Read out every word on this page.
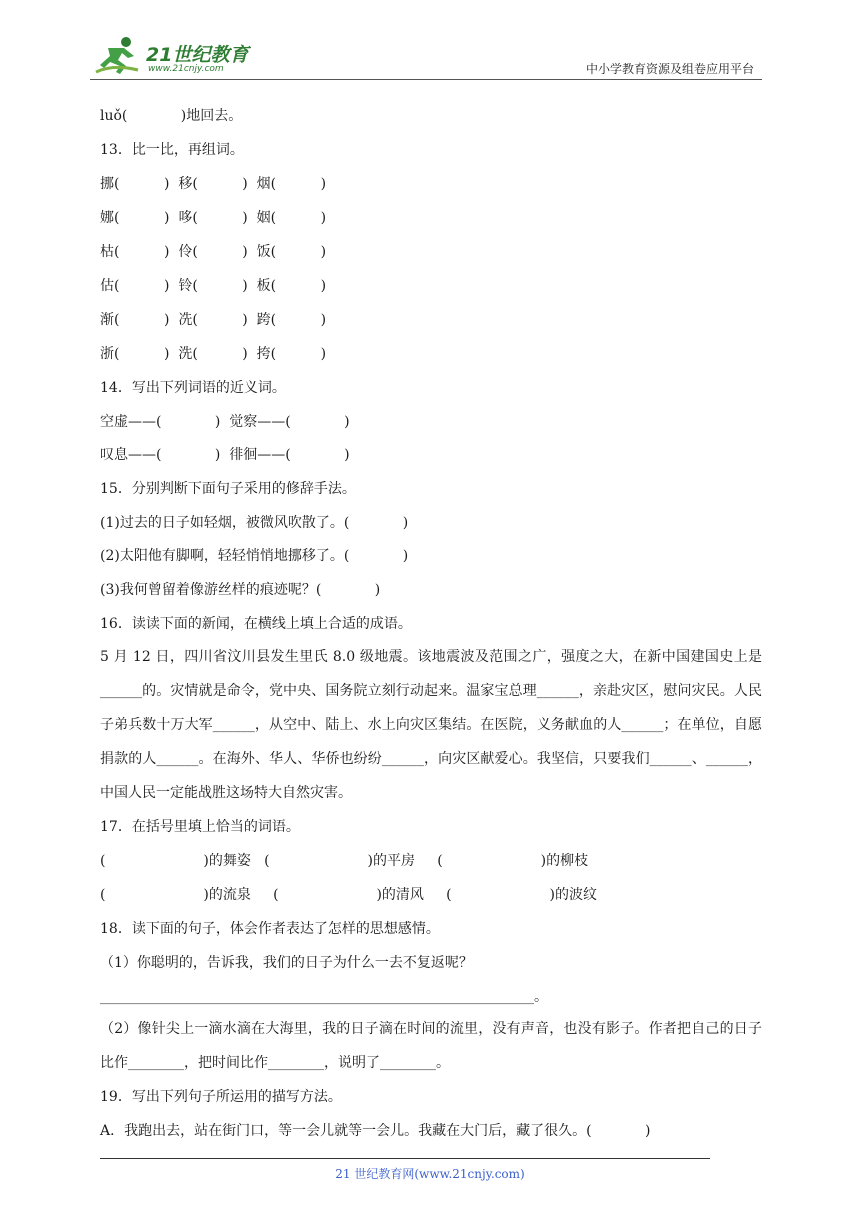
21世纪教育
www.21cnjy.com	中小学教育资源及组卷应用平台
luǒ(            )地回去。
13．比一比，再组词。
挪(          )  移(          )  烟(          )
娜(          )  哆(          )  姻(          )
枯(          )  伶(          )  饭(          )
估(          )  铃(          )  板(          )
渐(          )  冼(          )  跨(          )
浙(          )  洗(          )  挎(          )
14．写出下列词语的近义词。
空虚——(            )  觉察——(            )
叹息——(            )  徘徊——(            )
15．分别判断下面句子采用的修辞手法。
(1)过去的日子如轻烟，被微风吹散了。(            )
(2)太阳他有脚啊，轻轻悄悄地挪移了。(            )
(3)我何曾留着像游丝样的痕迹呢？(            )
16．读读下面的新闻，在横线上填上合适的成语。
5 月 12 日，四川省汶川县发生里氏 8.0 级地震。该地震波及范围之广，强度之大，在新中国建国史上是______的。灾情就是命令，党中央、国务院立刻行动起来。温家宝总理______，亲赴灾区，慰问灾民。人民子弟兵数十万大军______，从空中、陆上、水上向灾区集结。在医院，义务献血的人______；在单位，自愿捐款的人______。在海外、华人、华侨也纷纷______，向灾区献爱心。我坚信，只要我们______、______，中国人民一定能战胜这场特大自然灾害。
17．在括号里填上恰当的词语。
(                      )的舞姿   (                      )的平房     (                      )的柳枝
(                      )的流泉     (                      )的清风     (                      )的波纹
18．读下面的句子，体会作者表达了怎样的思想感情。
（1）你聪明的，告诉我，我们的日子为什么一去不复返呢？
______________________________________________________________。
（2）像针尖上一滴水滴在大海里，我的日子滴在时间的流里，没有声音，也没有影子。作者把自己的日子比作________，把时间比作________，说明了________。
19．写出下列句子所运用的描写方法。
A．我跑出去，站在街门口，等一会儿就等一会儿。我藏在大门后，藏了很久。(            )
21 世纪教育网(www.21cnjy.com)
